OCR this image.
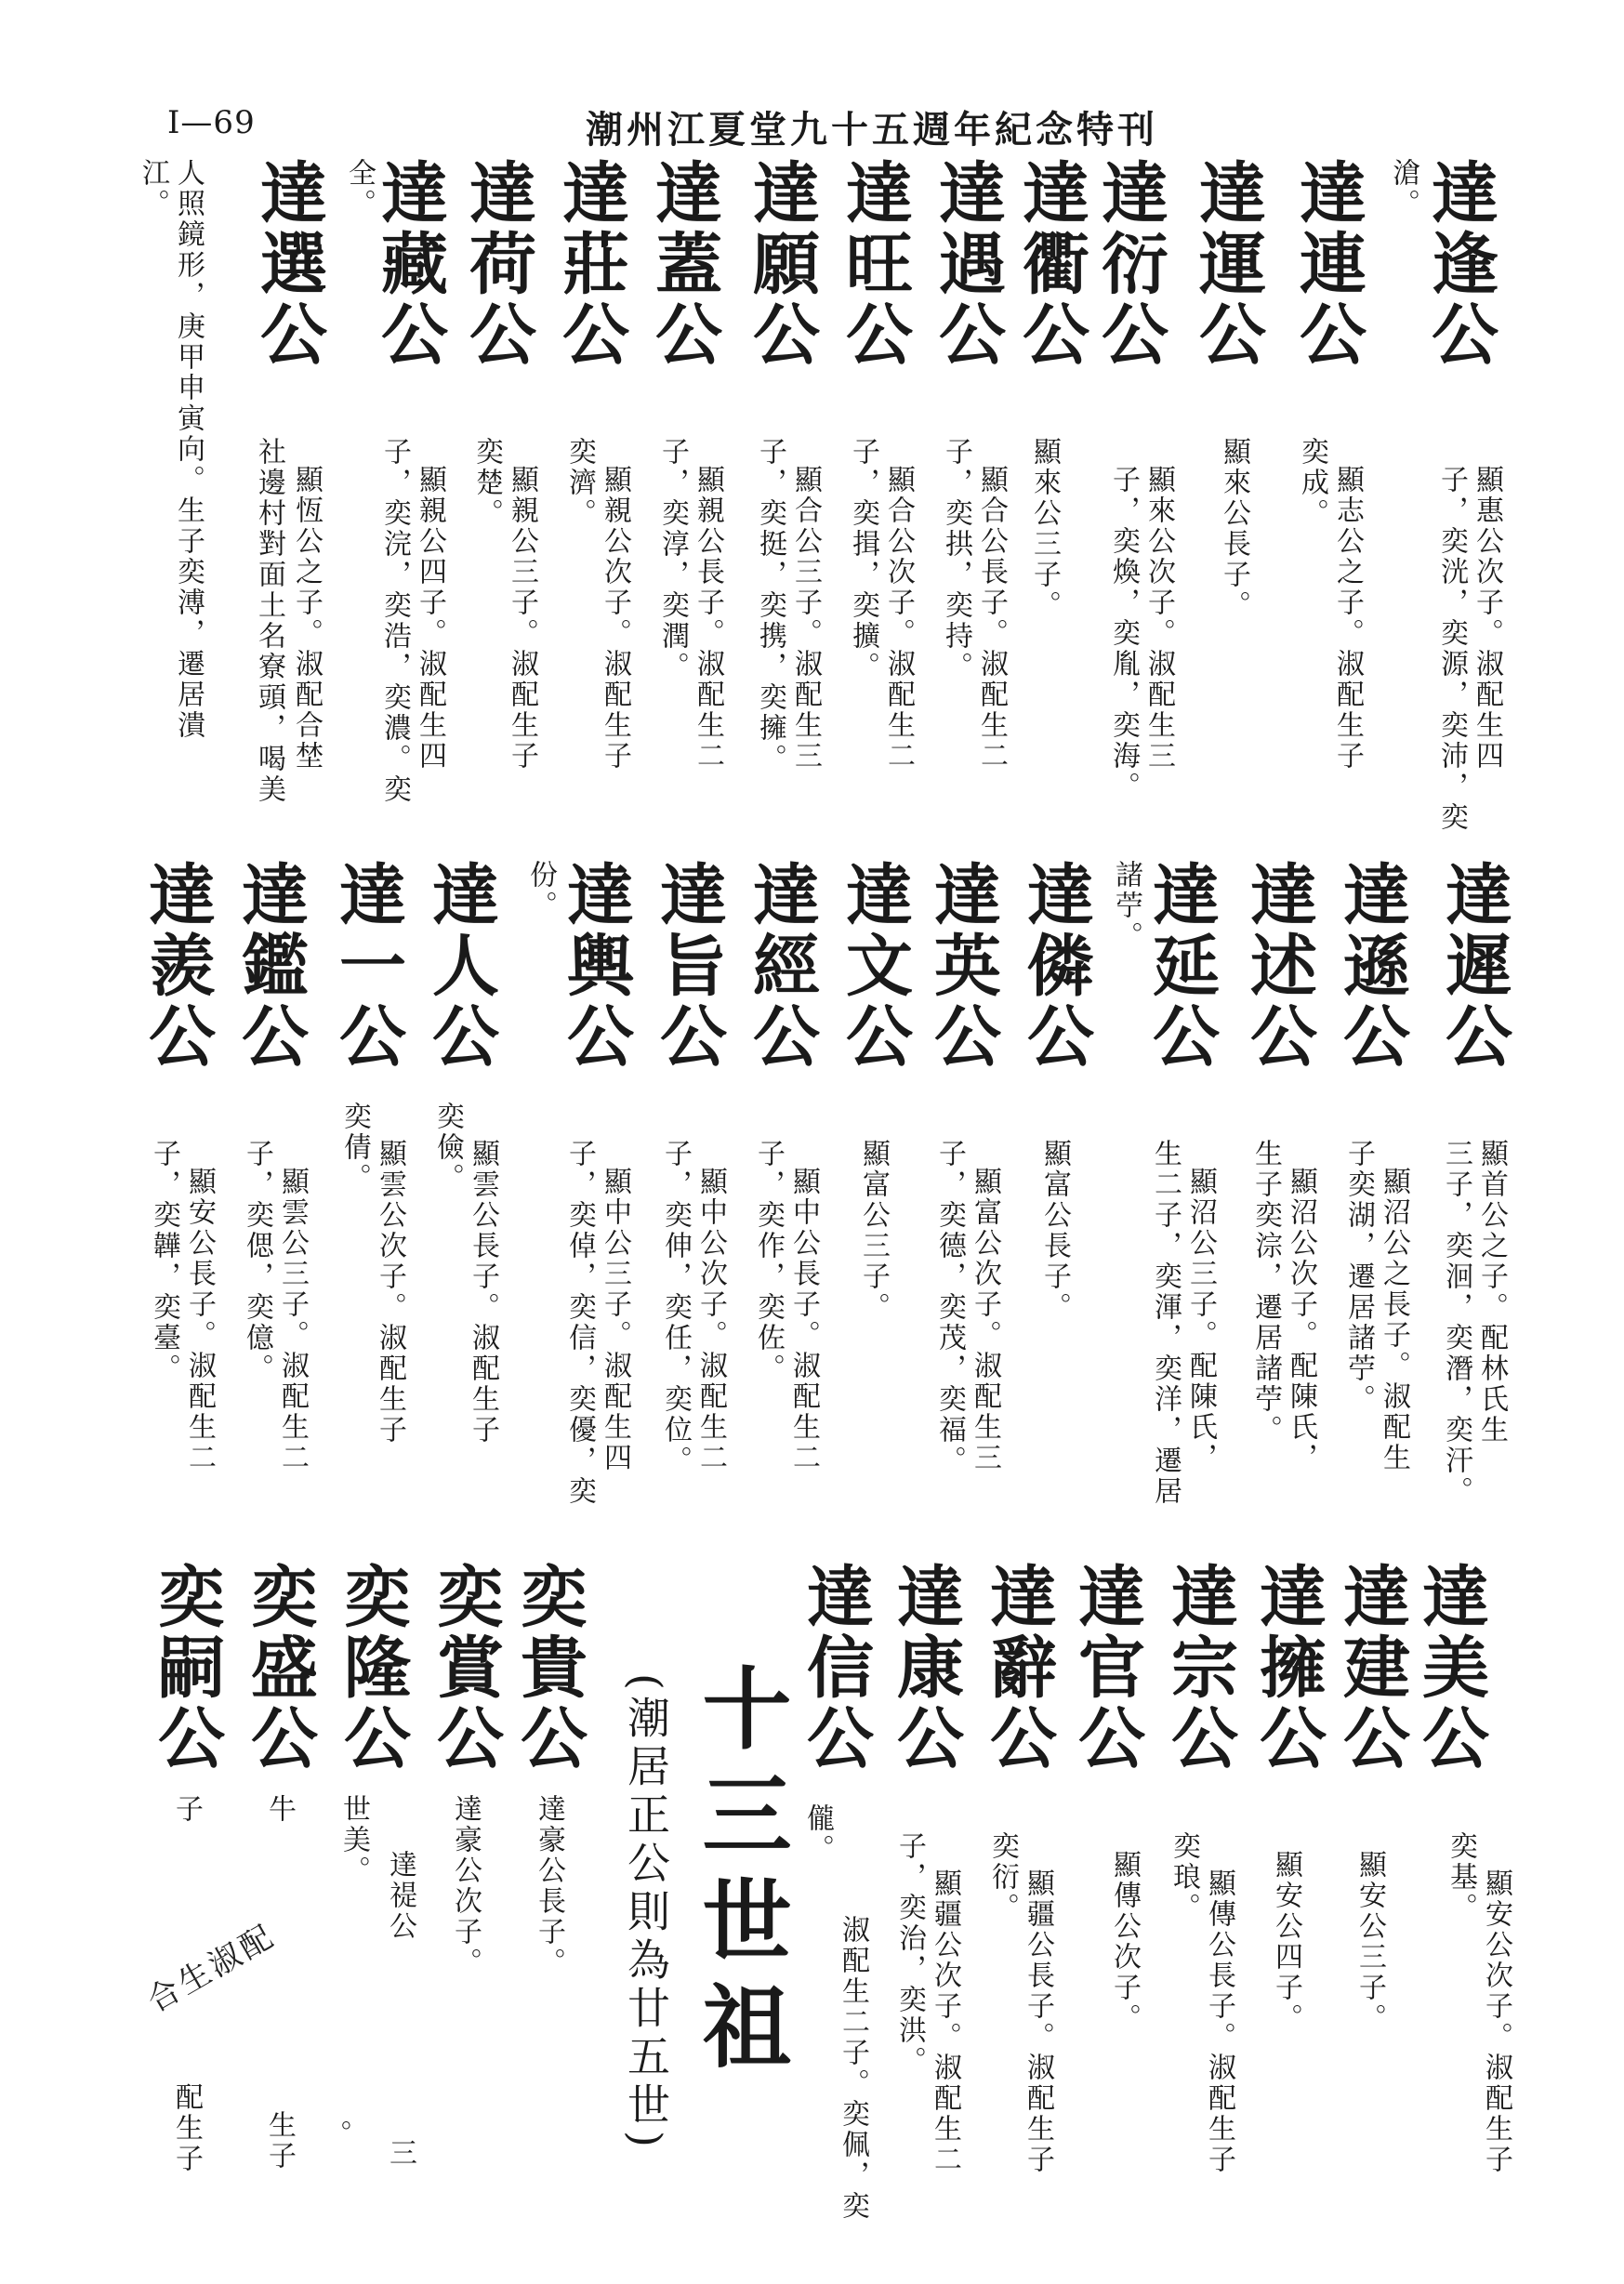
I—69	潮州江夏堂九十五週年紀念特刊
達逢公
顯惠公次子。淑配生四
子，奕洸，奕源，奕沛，奕
滄。
達連公
顯志公之子。淑配生子
奕成。
達運公
顯來公長子。
達衍公
顯來公次子。淑配生三
子，奕煥，奕胤，奕海。
達衢公
顯來公三子。
達遇公
顯合公長子。淑配生二
子，奕拱，奕持。
達旺公
顯合公次子。淑配生二
子，奕揖，奕擴。
達願公
顯合公三子。淑配生三
子，奕挺，奕携，奕擁。
達蓋公
顯親公長子。淑配生二
子，奕淳，奕潤。
達莊公
顯親公次子。淑配生子
奕濟。
達荷公
顯親公三子。淑配生子
奕楚。
達藏公
顯親公四子。淑配生四
子，奕浣，奕浩，奕濃。奕
全。
達選公
顯恆公之子。淑配合埜
社邊村對面土名寮頭，喝美
人照鏡形，庚甲申寅向。生子奕溥，遷居潰
江。
達遲公
顯首公之子。配林氏生
三子，奕洄，奕潛，奕汗。
達遜公
顯沼公之長子。淑配生
子奕湖，遷居諸苧。
達述公
顯沼公次子。配陳氏，
生子奕淙，遷居諸苧。
達延公
顯沼公三子。配陳氏，
生二子，奕渾，奕洋，遷居
諸苧。
達僯公
顯富公長子。
達英公
顯富公次子。淑配生三
子，奕德，奕茂，奕福。
達文公
顯富公三子。
達經公
顯中公長子。淑配生二
子，奕作，奕佐。
達旨公
顯中公次子。淑配生二
子，奕伸，奕任，奕位。
達輿公
顯中公三子。淑配生四
子，奕倬，奕信，奕優，奕
份。
達人公
顯雲公長子。淑配生子
奕儉。
達一公
顯雲公次子。淑配生子
奕倩。
達鑑公
顯雲公三子。淑配生二
子，奕偲，奕億。
達羨公
顯安公長子。淑配生二
子，奕韡，奕臺。
達美公
顯安公次子。淑配生子
奕基。
達建公
顯安公三子。
達擁公
顯安公四子。
達宗公
顯傳公長子。淑配生子
奕琅。
達官公
顯傳公次子。
達辭公
顯疆公長子。淑配生子
奕衍。
達康公
顯疆公次子。淑配生二
子，奕治，奕洪。
達信公
淑配生二子。奕佩，奕
儱。
十三世祖
(潮居正公則為廿五世)
奕貴公
達豪公長子。
三
奕賞公
達豪公次子。
。
奕隆公
達禔公
世美。
奕盛公
牛
生子
奕嗣公
子
配生子
合生淑配
